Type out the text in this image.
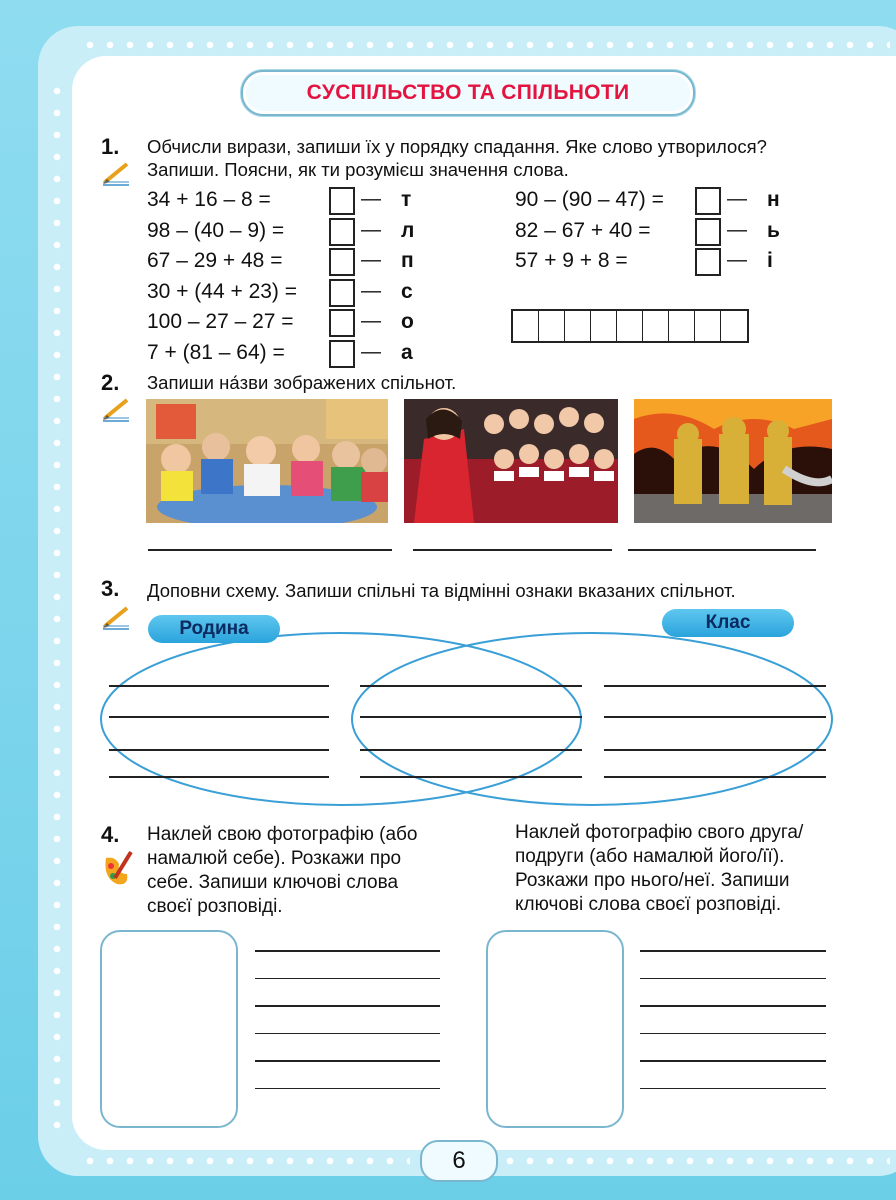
СУСПІЛЬСТВО ТА СПІЛЬНОТИ
1. Обчисли вирази, запиши їх у порядку спадання. Яке слово утворилося?
Запиши. Поясни, як ти розумієш значення слова.
34 + 16 – 8 =	— т
98 – (40 – 9) =	— л
67 – 29 + 48 =	— п
30 + (44 + 23) =	— с
100 – 27 – 27 =	— о
7 + (81 – 64) =	— а
90 – (90 – 47) =	— н
82 – 67 + 40 =	— ь
57 + 9 + 8 =	— і
2. Запиши на́зви зображених спільнот.
3. Доповни схему. Запиши спільні та відмінні ознаки вказаних спільнот.
Родина	Клас
4. Наклей свою фотографію (або
намалюй себе). Розкажи про
себе. Запиши ключові слова
своєї розповіді.
Наклей фотографію свого друга/
подруги (або намалюй його/її).
Розкажи про нього/неї. Запиши
ключові слова своєї розповіді.
6
